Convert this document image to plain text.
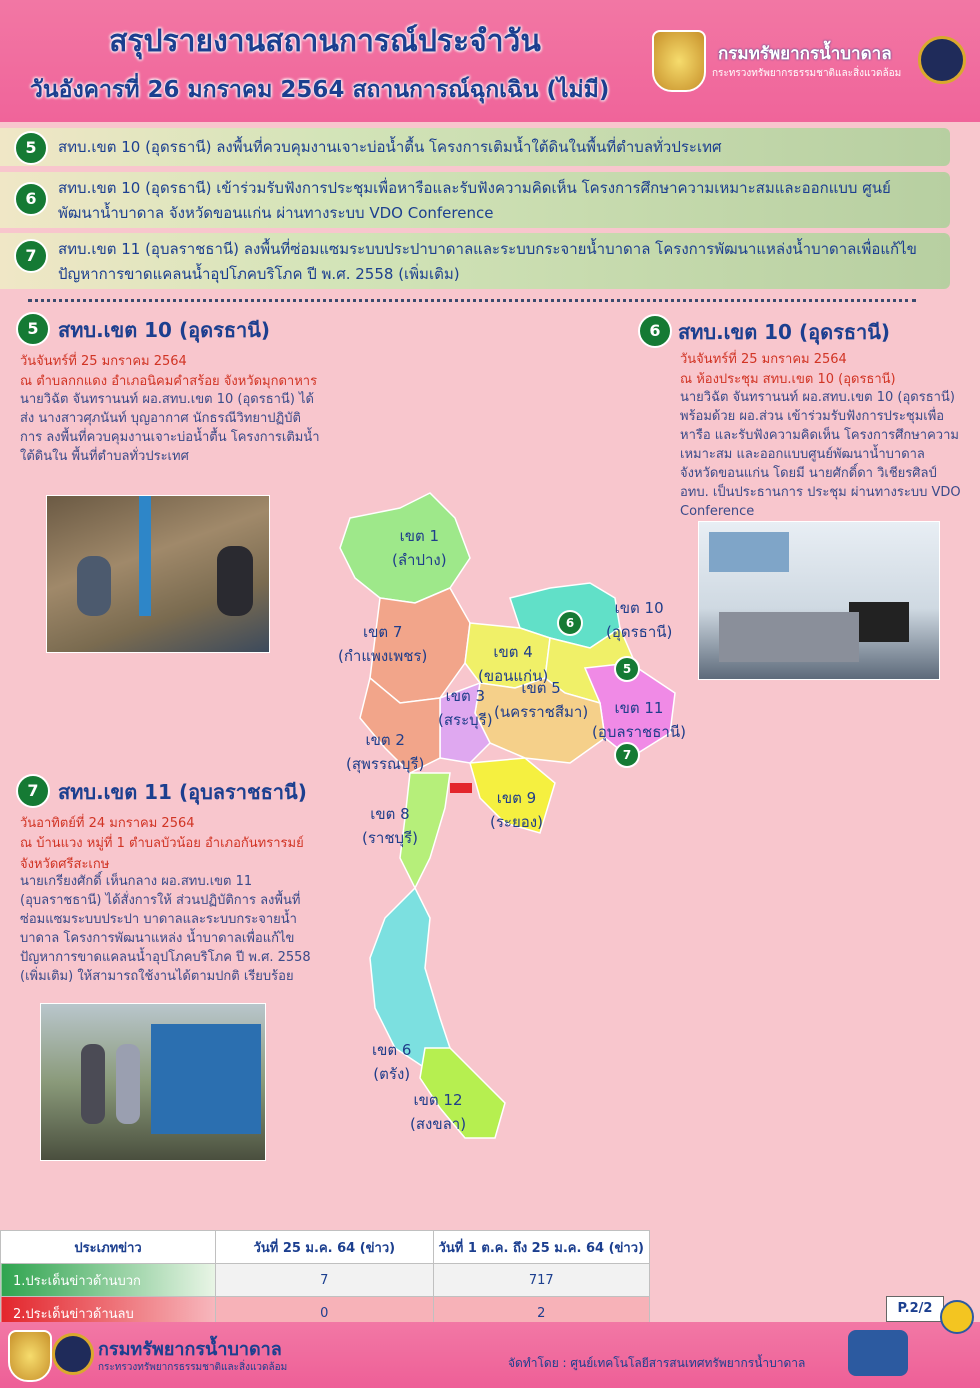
สรุปรายงานสถานการณ์ประจำวัน
วันอังคารที่ 26 มกราคม 2564 สถานการณ์ฉุกเฉิน (ไม่มี)
กรมทรัพยากรน้ำบาดาล
กระทรวงทรัพยากรธรรมชาติและสิ่งแวดล้อม
5	สทบ.เขต 10 (อุดรธานี) ลงพื้นที่ควบคุมงานเจาะบ่อน้ำตื้น โครงการเติมน้ำใต้ดินในพื้นที่ตำบลทั่วประเทศ
6
สทบ.เขต 10 (อุดรธานี) เข้าร่วมรับฟังการประชุมเพื่อหารือและรับฟังความคิดเห็น โครงการศึกษาความเหมาะสมและออกแบบ ศูนย์พัฒนาน้ำบาดาล จังหวัดขอนแก่น ผ่านทางระบบ VDO Conference
7	สทบ.เขต 11 (อุบลราชธานี) ลงพื้นที่ซ่อมแซมระบบประปาบาดาลและระบบกระจายน้ำบาดาล โครงการพัฒนาแหล่งน้ำบาดาลเพื่อแก้ไข ปัญหาการขาดแคลนน้ำอุปโภคบริโภค ปี พ.ศ. 2558 (เพิ่มเติม)
5 สทบ.เขต 10 (อุดรธานี)
วันจันทร์ที่ 25 มกราคม 2564
ณ ตำบลกกแดง อำเภอนิคมคำสร้อย จังหวัดมุกดาหาร
นายวิฉัต จันทรานนท์ ผอ.สทบ.เขต 10 (อุดรธานี) ได้ส่ง นางสาวศุภนันท์ บุญอากาศ นักธรณีวิทยาปฏิบัติการ ลงพื้นที่ควบคุมงานเจาะบ่อน้ำตื้น โครงการเติมน้ำใต้ดินใน พื้นที่ตำบลทั่วประเทศ
6 สทบ.เขต 10 (อุดรธานี)
วันจันทร์ที่ 25 มกราคม 2564
ณ ห้องประชุม สทบ.เขต 10 (อุดรธานี)
นายวิฉัต จันทรานนท์ ผอ.สทบ.เขต 10 (อุดรธานี) พร้อมด้วย ผอ.ส่วน เข้าร่วมรับฟังการประชุมเพื่อหารือ และรับฟังความคิดเห็น โครงการศึกษาความเหมาะสม และออกแบบศูนย์พัฒนาน้ำบาดาล จังหวัดขอนแก่น โดยมี นายศักดิ์ดา วิเชียรศิลป์ อทบ. เป็นประธานการ ประชุม ผ่านทางระบบ VDO Conference
7 สทบ.เขต 11 (อุบลราชธานี)
วันอาทิตย์ที่ 24 มกราคม 2564
ณ บ้านแวง หมู่ที่ 1 ตำบลบัวน้อย อำเภอกันทรารมย์ จังหวัดศรีสะเกษ
นายเกรียงศักดิ์ เห็นกลาง ผอ.สทบ.เขต 11 (อุบลราชธานี) ได้สั่งการให้ ส่วนปฏิบัติการ ลงพื้นที่ซ่อมแซมระบบประปา บาดาลและระบบกระจายน้ำบาดาล โครงการพัฒนาแหล่ง น้ำบาดาลเพื่อแก้ไขปัญหาการขาดแคลนน้ำอุปโภคบริโภค ปี พ.ศ. 2558 (เพิ่มเติม) ให้สามารถใช้งานได้ตามปกติ เรียบร้อย
เขต 1
(ลำปาง)
เขต 7
(กำแพงเพชร)	เขต 4
(ขอนแก่น)
เขต 10
(อุดรธานี)
เขต 3
(สระบุรี)
เขต 5
(นครราชสีมา)	เขต 11
(อุบลราชธานี)
เขต 2
(สุพรรณบุรี)
เขต 8
(ราชบุรี)
เขต 9
(ระยอง)
เขต 6
(ตรัง)
เขต 12
(สงขลา)
6
5
7
ประเภทข่าว	วันที่ 25 ม.ค. 64 (ข่าว)	วันที่ 1 ต.ค. ถึง 25 ม.ค. 64 (ข่าว)
1.ประเด็นข่าวด้านบวก	7	717
2.ประเด็นข่าวด้านลบ	0	2	P.2/2
กรมทรัพยากรน้ำบาดาล
กระทรวงทรัพยากรธรรมชาติและสิ่งแวดล้อม	จัดทำโดย : ศูนย์เทคโนโลยีสารสนเทศทรัพยากรน้ำบาดาล
